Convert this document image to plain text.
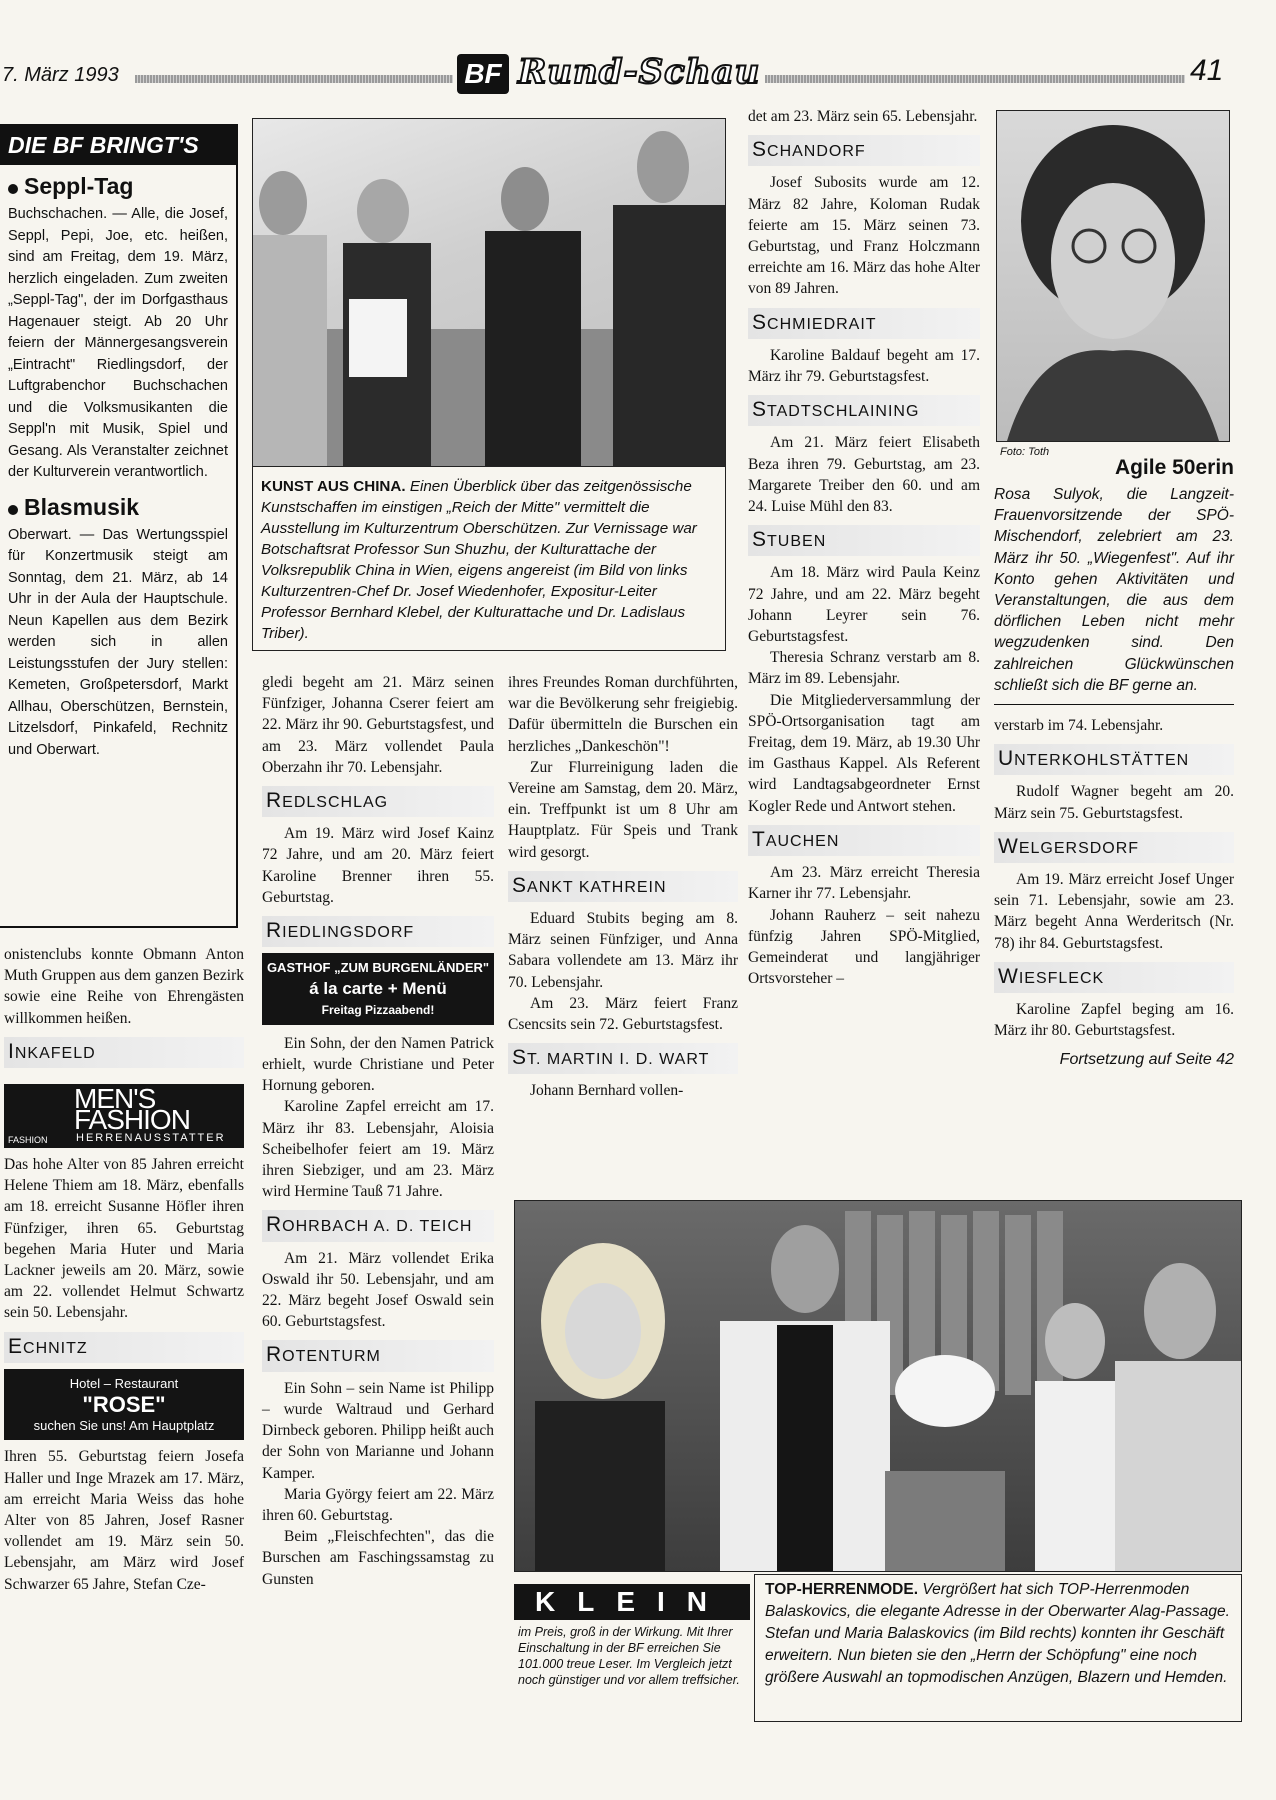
7. März 1993	BF Rund-Schau	41
DIE BF BRINGT'S
Seppl-Tag

Buchschachen. — Alle, die Josef, Seppl, Pepi, Joe, etc. heißen, sind am Freitag, dem 19. März, herzlich eingeladen. Zum zweiten „Seppl-Tag", der im Dorfgasthaus Hagenauer steigt. Ab 20 Uhr feiern der Männergesangsverein „Eintracht" Riedlingsdorf, der Luftgrabenchor Buchschachen und die Volksmusikanten die Seppl'n mit Musik, Spiel und Gesang. Als Veranstalter zeichnet der Kulturverein verantwortlich.

Blasmusik

Oberwart. — Das Wertungsspiel für Konzertmusik steigt am Sonntag, dem 21. März, ab 14 Uhr in der Aula der Hauptschule. Neun Kapellen aus dem Bezirk werden sich in allen Leistungsstufen der Jury stellen: Kemeten, Großpetersdorf, Markt Allhau, Oberschützen, Bernstein, Litzelsdorf, Pinkafeld, Rechnitz und Oberwart.

onistenclubs konnte Obmann Anton Muth Gruppen aus dem ganzen Bezirk sowie eine Reihe von Ehrengästen willkommen heißen.

INKAFELD
FASHION
MEN'S FASHION
HERRENAUSSTATTER

Das hohe Alter von 85 Jahren erreicht Helene Thiem am 18. März, ebenfalls am 18. erreicht Susanne Höfler ihren Fünfziger, ihren 65. Geburtstag begehen Maria Huter und Maria Lackner jeweils am 20. März, sowie am 22. vollendet Helmut Schwartz sein 50. Lebensjahr.

ECHNITZ
Hotel – Restaurant
"ROSE"
suchen Sie uns! Am Hauptplatz

Ihren 55. Geburtstag feiern Josefa Haller und Inge Mrazek am 17. März, am erreicht Maria Weiss das hohe Alter von 85 Jahren, Josef Rasner vollendet am 19. März sein 50. Lebensjahr, am März wird Josef Schwarzer 65 Jahre, Stefan Cze-

KUNST AUS CHINA. Einen Überblick über das zeitgenössische Kunstschaffen im einstigen „Reich der Mitte" vermittelt die Ausstellung im Kulturzentrum Oberschützen. Zur Vernissage war Botschaftsrat Professor Sun Shuzhu, der Kulturattache der Volksrepublik China in Wien, eigens angereist (im Bild von links Kulturzentren-Chef Dr. Josef Wiedenhofer, Expositur-Leiter Professor Bernhard Klebel, der Kulturattache und Dr. Ladislaus Triber).

gledi begeht am 21. März seinen Fünfziger, Johanna Cserer feiert am 22. März ihr 90. Geburtstagsfest, und am 23. März vollendet Paula Oberzahn ihr 70. Lebensjahr.

REDLSCHLAG

Am 19. März wird Josef Kainz 72 Jahre, und am 20. März feiert Karoline Brenner ihren 55. Geburtstag.

RIEDLINGSDORF
GASTHOF „ZUM BURGENLÄNDER"
á la carte + Menü
Freitag Pizzaabend!

Ein Sohn, der den Namen Patrick erhielt, wurde Christiane und Peter Hornung geboren.

Karoline Zapfel erreicht am 17. März ihr 83. Lebensjahr, Aloisia Scheibelhofer feiert am 19. März ihren Siebziger, und am 23. März wird Hermine Tauß 71 Jahre.

ROHRBACH A. D. TEICH

Am 21. März vollendet Erika Oswald ihr 50. Lebensjahr, und am 22. März begeht Josef Oswald sein 60. Geburtstagsfest.

ROTENTURM

Ein Sohn – sein Name ist Philipp – wurde Waltraud und Gerhard Dirnbeck geboren. Philipp heißt auch der Sohn von Marianne und Johann Kamper.

Maria György feiert am 22. März ihren 60. Geburtstag.

Beim „Fleischfechten", das die Burschen am Faschingssamstag zu Gunsten

ihres Freundes Roman durchführten, war die Bevölkerung sehr freigiebig. Dafür übermitteln die Burschen ein herzliches „Dankeschön"!

Zur Flurreinigung laden die Vereine am Samstag, dem 20. März, ein. Treffpunkt ist um 8 Uhr am Hauptplatz. Für Speis und Trank wird gesorgt.

SANKT KATHREIN

Eduard Stubits beging am 8. März seinen Fünfziger, und Anna Sabara vollendete am 13. März ihr 70. Lebensjahr.

Am 23. März feiert Franz Csencsits sein 72. Geburtstagsfest.

ST. MARTIN I. D. WART

Johann Bernhard vollen-

det am 23. März sein 65. Lebensjahr.

SCHANDORF

Josef Subosits wurde am 12. März 82 Jahre, Koloman Rudak feierte am 15. März seinen 73. Geburtstag, und Franz Holczmann erreichte am 16. März das hohe Alter von 89 Jahren.

SCHMIEDRAIT

Karoline Baldauf begeht am 17. März ihr 79. Geburtstagsfest.

STADTSCHLAINING

Am 21. März feiert Elisabeth Beza ihren 79. Geburtstag, am 23. Margarete Treiber den 60. und am 24. Luise Mühl den 83.

STUBEN

Am 18. März wird Paula Keinz 72 Jahre, und am 22. März begeht Johann Leyrer sein 76. Geburtstagsfest.

Theresia Schranz verstarb am 8. März im 89. Lebensjahr.

Die Mitgliederversammlung der SPÖ-Ortsorganisation tagt am Freitag, dem 19. März, ab 19.30 Uhr im Gasthaus Kappel. Als Referent wird Landtagsabgeordneter Ernst Kogler Rede und Antwort stehen.

TAUCHEN

Am 23. März erreicht Theresia Karner ihr 77. Lebensjahr.

Johann Rauherz – seit nahezu fünfzig Jahren SPÖ-Mitglied, Gemeinderat und langjähriger Ortsvorsteher –

Foto: Toth
Agile 50erin

Rosa Sulyok, die Langzeit-Frauenvorsitzende der SPÖ-Mischendorf, zelebriert am 23. März ihr 50. „Wiegenfest". Auf ihr Konto gehen Aktivitäten und Veranstaltungen, die aus dem dörflichen Leben nicht mehr wegzudenken sind. Den zahlreichen Glückwünschen schließt sich die BF gerne an.

verstarb im 74. Lebensjahr.

UNTERKOHLSTÄTTEN

Rudolf Wagner begeht am 20. März sein 75. Geburtstagsfest.

WELGERSDORF

Am 19. März erreicht Josef Unger sein 71. Lebensjahr, sowie am 23. März begeht Anna Werderitsch (Nr. 78) ihr 84. Geburtstagsfest.

WIESFLECK

Karoline Zapfel beging am 16. März ihr 80. Geburtstagsfest.

Fortsetzung auf Seite 42
KLEIN

im Preis, groß in der Wirkung. Mit Ihrer Einschaltung in der BF erreichen Sie 101.000 treue Leser. Im Vergleich jetzt noch günstiger und vor allem treffsicher.

TOP-HERRENMODE. Vergrößert hat sich TOP-Herrenmoden Balaskovics, die elegante Adresse in der Oberwarter Alag-Passage. Stefan und Maria Balaskovics (im Bild rechts) konnten ihr Geschäft erweitern. Nun bieten sie den „Herrn der Schöpfung" eine noch größere Auswahl an topmodischen Anzügen, Blazern und Hemden.
